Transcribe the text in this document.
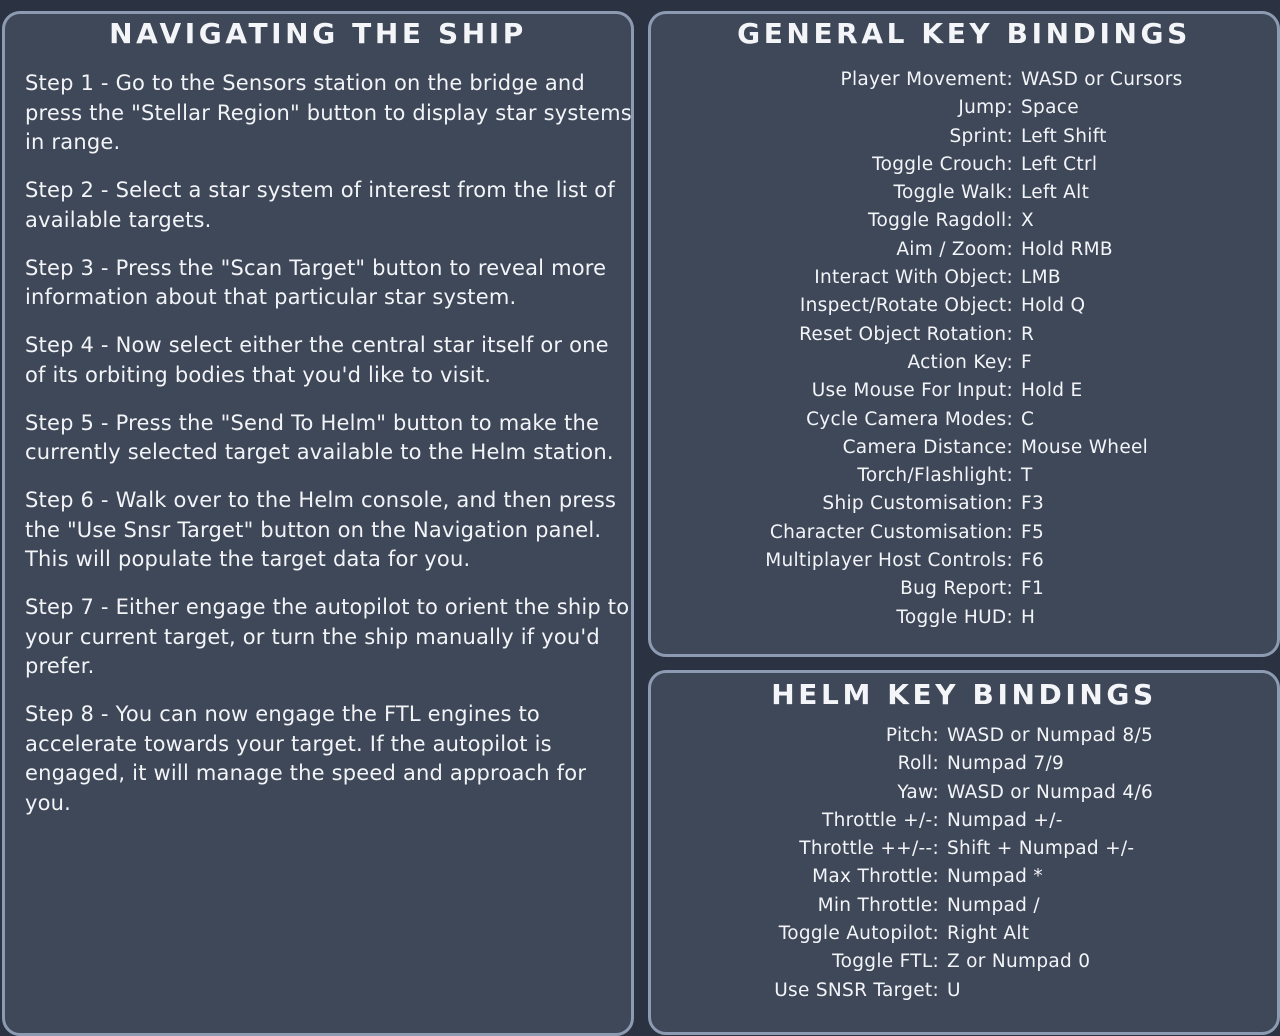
NAVIGATING THE SHIP
Step 1 - Go to the Sensors station on the bridge and press the "Stellar Region" button to display star systems in range.
Step 2 - Select a star system of interest from the list of available targets.
Step 3 - Press the "Scan Target" button to reveal more information about that particular star system.
Step 4 - Now select either the central star itself or one of its orbiting bodies that you'd like to visit.
Step 5 - Press the "Send To Helm" button to make the currently selected target available to the Helm station.
Step 6 - Walk over to the Helm console, and then press the "Use Snsr Target" button on the Navigation panel. This will populate the target data for you.
Step 7 - Either engage the autopilot to orient the ship to your current target, or turn the ship manually if you'd prefer.
Step 8 - You can now engage the FTL engines to accelerate towards your target. If the autopilot is engaged, it will manage the speed and approach for you.
GENERAL KEY BINDINGS
Player Movement: WASD or Cursors
Jump: Space
Sprint: Left Shift
Toggle Crouch: Left Ctrl
Toggle Walk: Left Alt
Toggle Ragdoll: X
Aim / Zoom: Hold RMB
Interact With Object: LMB
Inspect/Rotate Object: Hold Q
Reset Object Rotation: R
Action Key: F
Use Mouse For Input: Hold E
Cycle Camera Modes: C
Camera Distance: Mouse Wheel
Torch/Flashlight: T
Ship Customisation: F3
Character Customisation: F5
Multiplayer Host Controls: F6
Bug Report: F1
Toggle HUD: H
HELM KEY BINDINGS
Pitch: WASD or Numpad 8/5
Roll: Numpad 7/9
Yaw: WASD or Numpad 4/6
Throttle +/-: Numpad +/-
Throttle ++/--: Shift + Numpad +/-
Max Throttle: Numpad *
Min Throttle: Numpad /
Toggle Autopilot: Right Alt
Toggle FTL: Z or Numpad 0
Use SNSR Target: U
